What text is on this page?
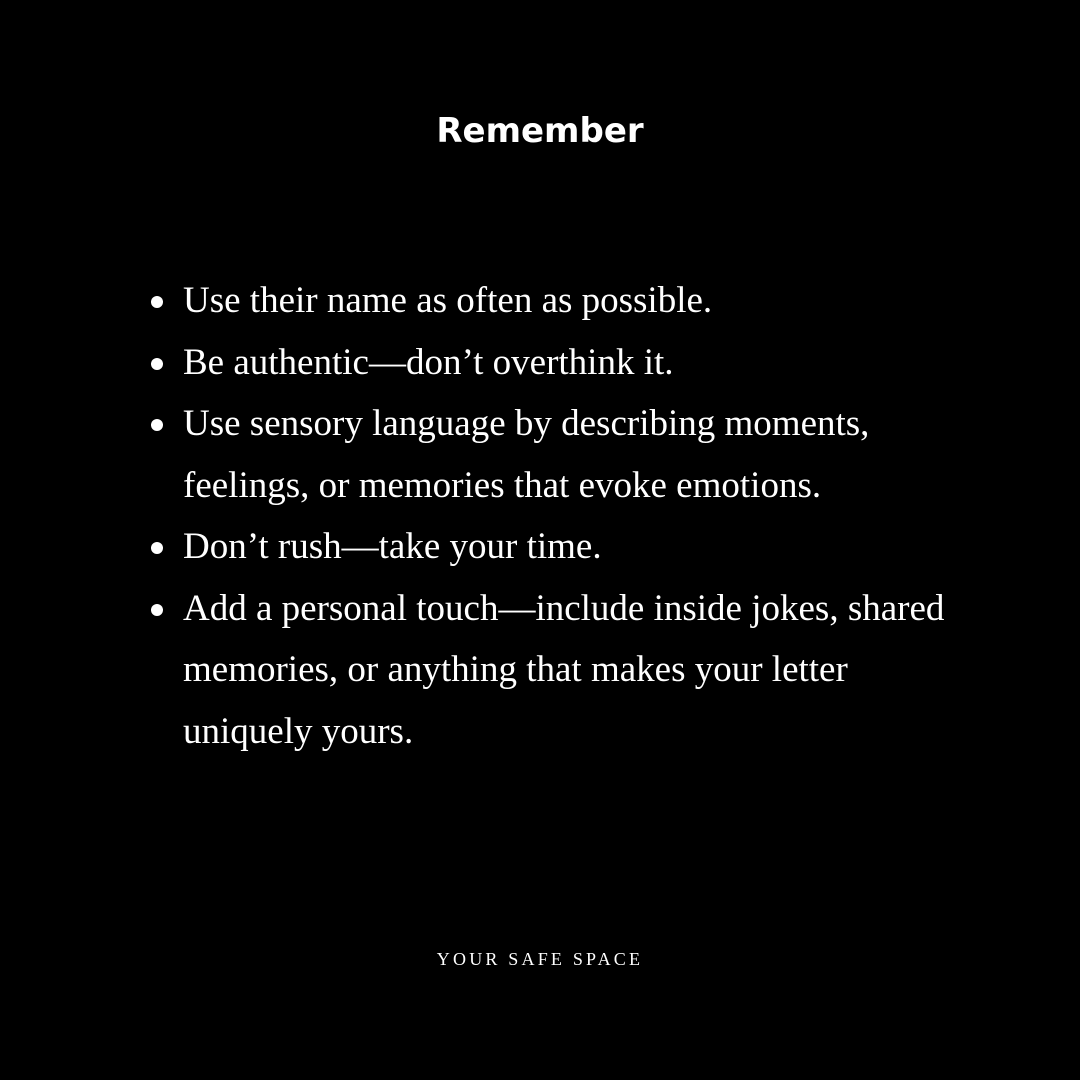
Remember
Use their name as often as possible.
Be authentic—don’t overthink it.
Use sensory language by describing moments, feelings, or memories that evoke emotions.
Don’t rush—take your time.
Add a personal touch—include inside jokes, shared memories, or anything that makes your letter uniquely yours.

YOUR SAFE SPACE
